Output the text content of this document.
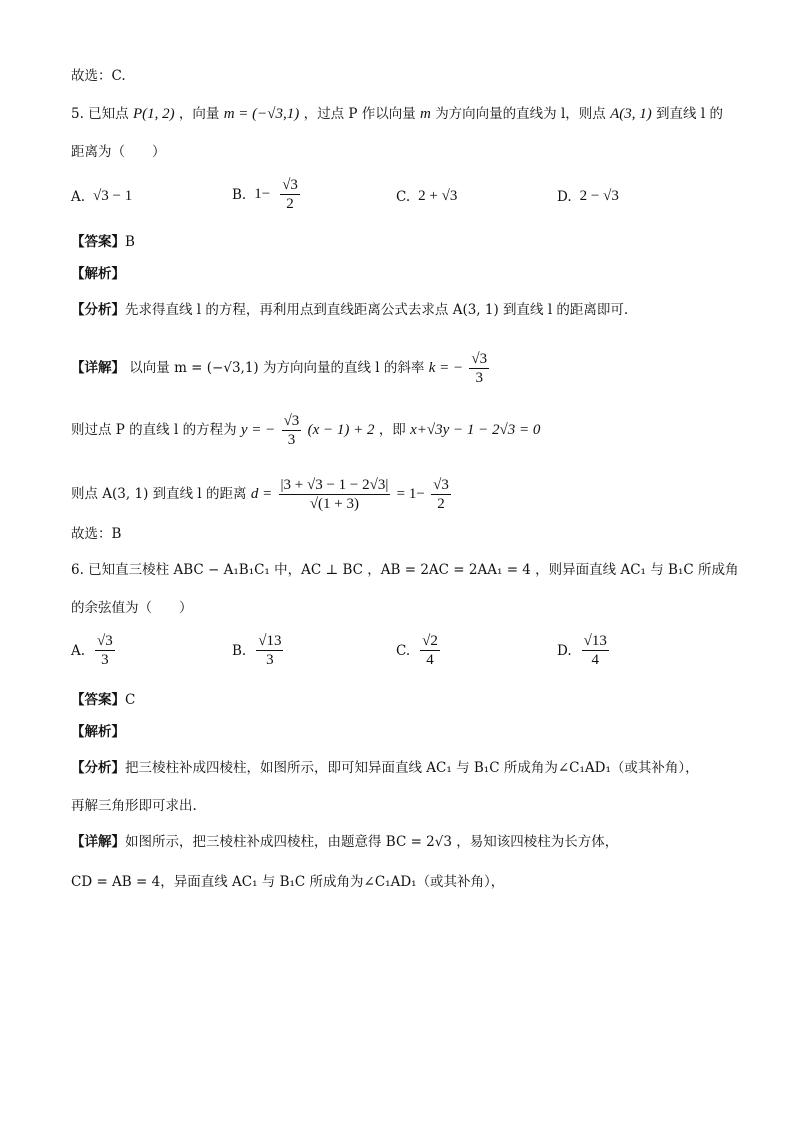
故选：C.
5. 已知点 P(1, 2) ，向量 m = (−√3,1) ，过点 P 作以向量 m 为方向向量的直线为 l，则点 A(3, 1) 到直线 l 的
距离为（　　）
A. √3 − 1	B. $1- \frac{√3}{2}$	C. 2 + √3	D. 2 − √3
【答案】B
【解析】
【分析】先求得直线 l 的方程，再利用点到直线距离公式去求点 A(3, 1) 到直线 l 的距离即可.
【详解】 以向量 m = (−√3,1) 为方向向量的直线 l 的斜率 k = − $\frac{√3}{3}$
则过点 P 的直线 l 的方程为 y = − $\frac{√3}{3} (x - 1) + 2$ ，即 x+√3y − 1 − 2√3 = 0
则点 A(3, 1) 到直线 l 的距离 $d = \frac{|3 + √3 - 1 - 2√3|}{√(1 + 3)} = 1- \frac{√3}{2}$
故选：B
6. 已知直三棱柱 ABC − A₁B₁C₁ 中，AC ⊥ BC ，AB = 2AC = 2AA₁ = 4 ，则异面直线 AC₁ 与 B₁C 所成角
的余弦值为（　　）
A. $\frac{√3}{3}$	B. $\frac{√13}{3}$	C. $\frac{√2}{4}$	D. $\frac{√13}{4}$
【答案】C
【解析】
【分析】把三棱柱补成四棱柱，如图所示，即可知异面直线 AC₁ 与 B₁C 所成角为∠C₁AD₁（或其补角），
再解三角形即可求出.
【详解】如图所示，把三棱柱补成四棱柱，由题意得 BC = 2√3 ，易知该四棱柱为长方体，
CD = AB = 4，异面直线 AC₁ 与 B₁C 所成角为∠C₁AD₁（或其补角），
